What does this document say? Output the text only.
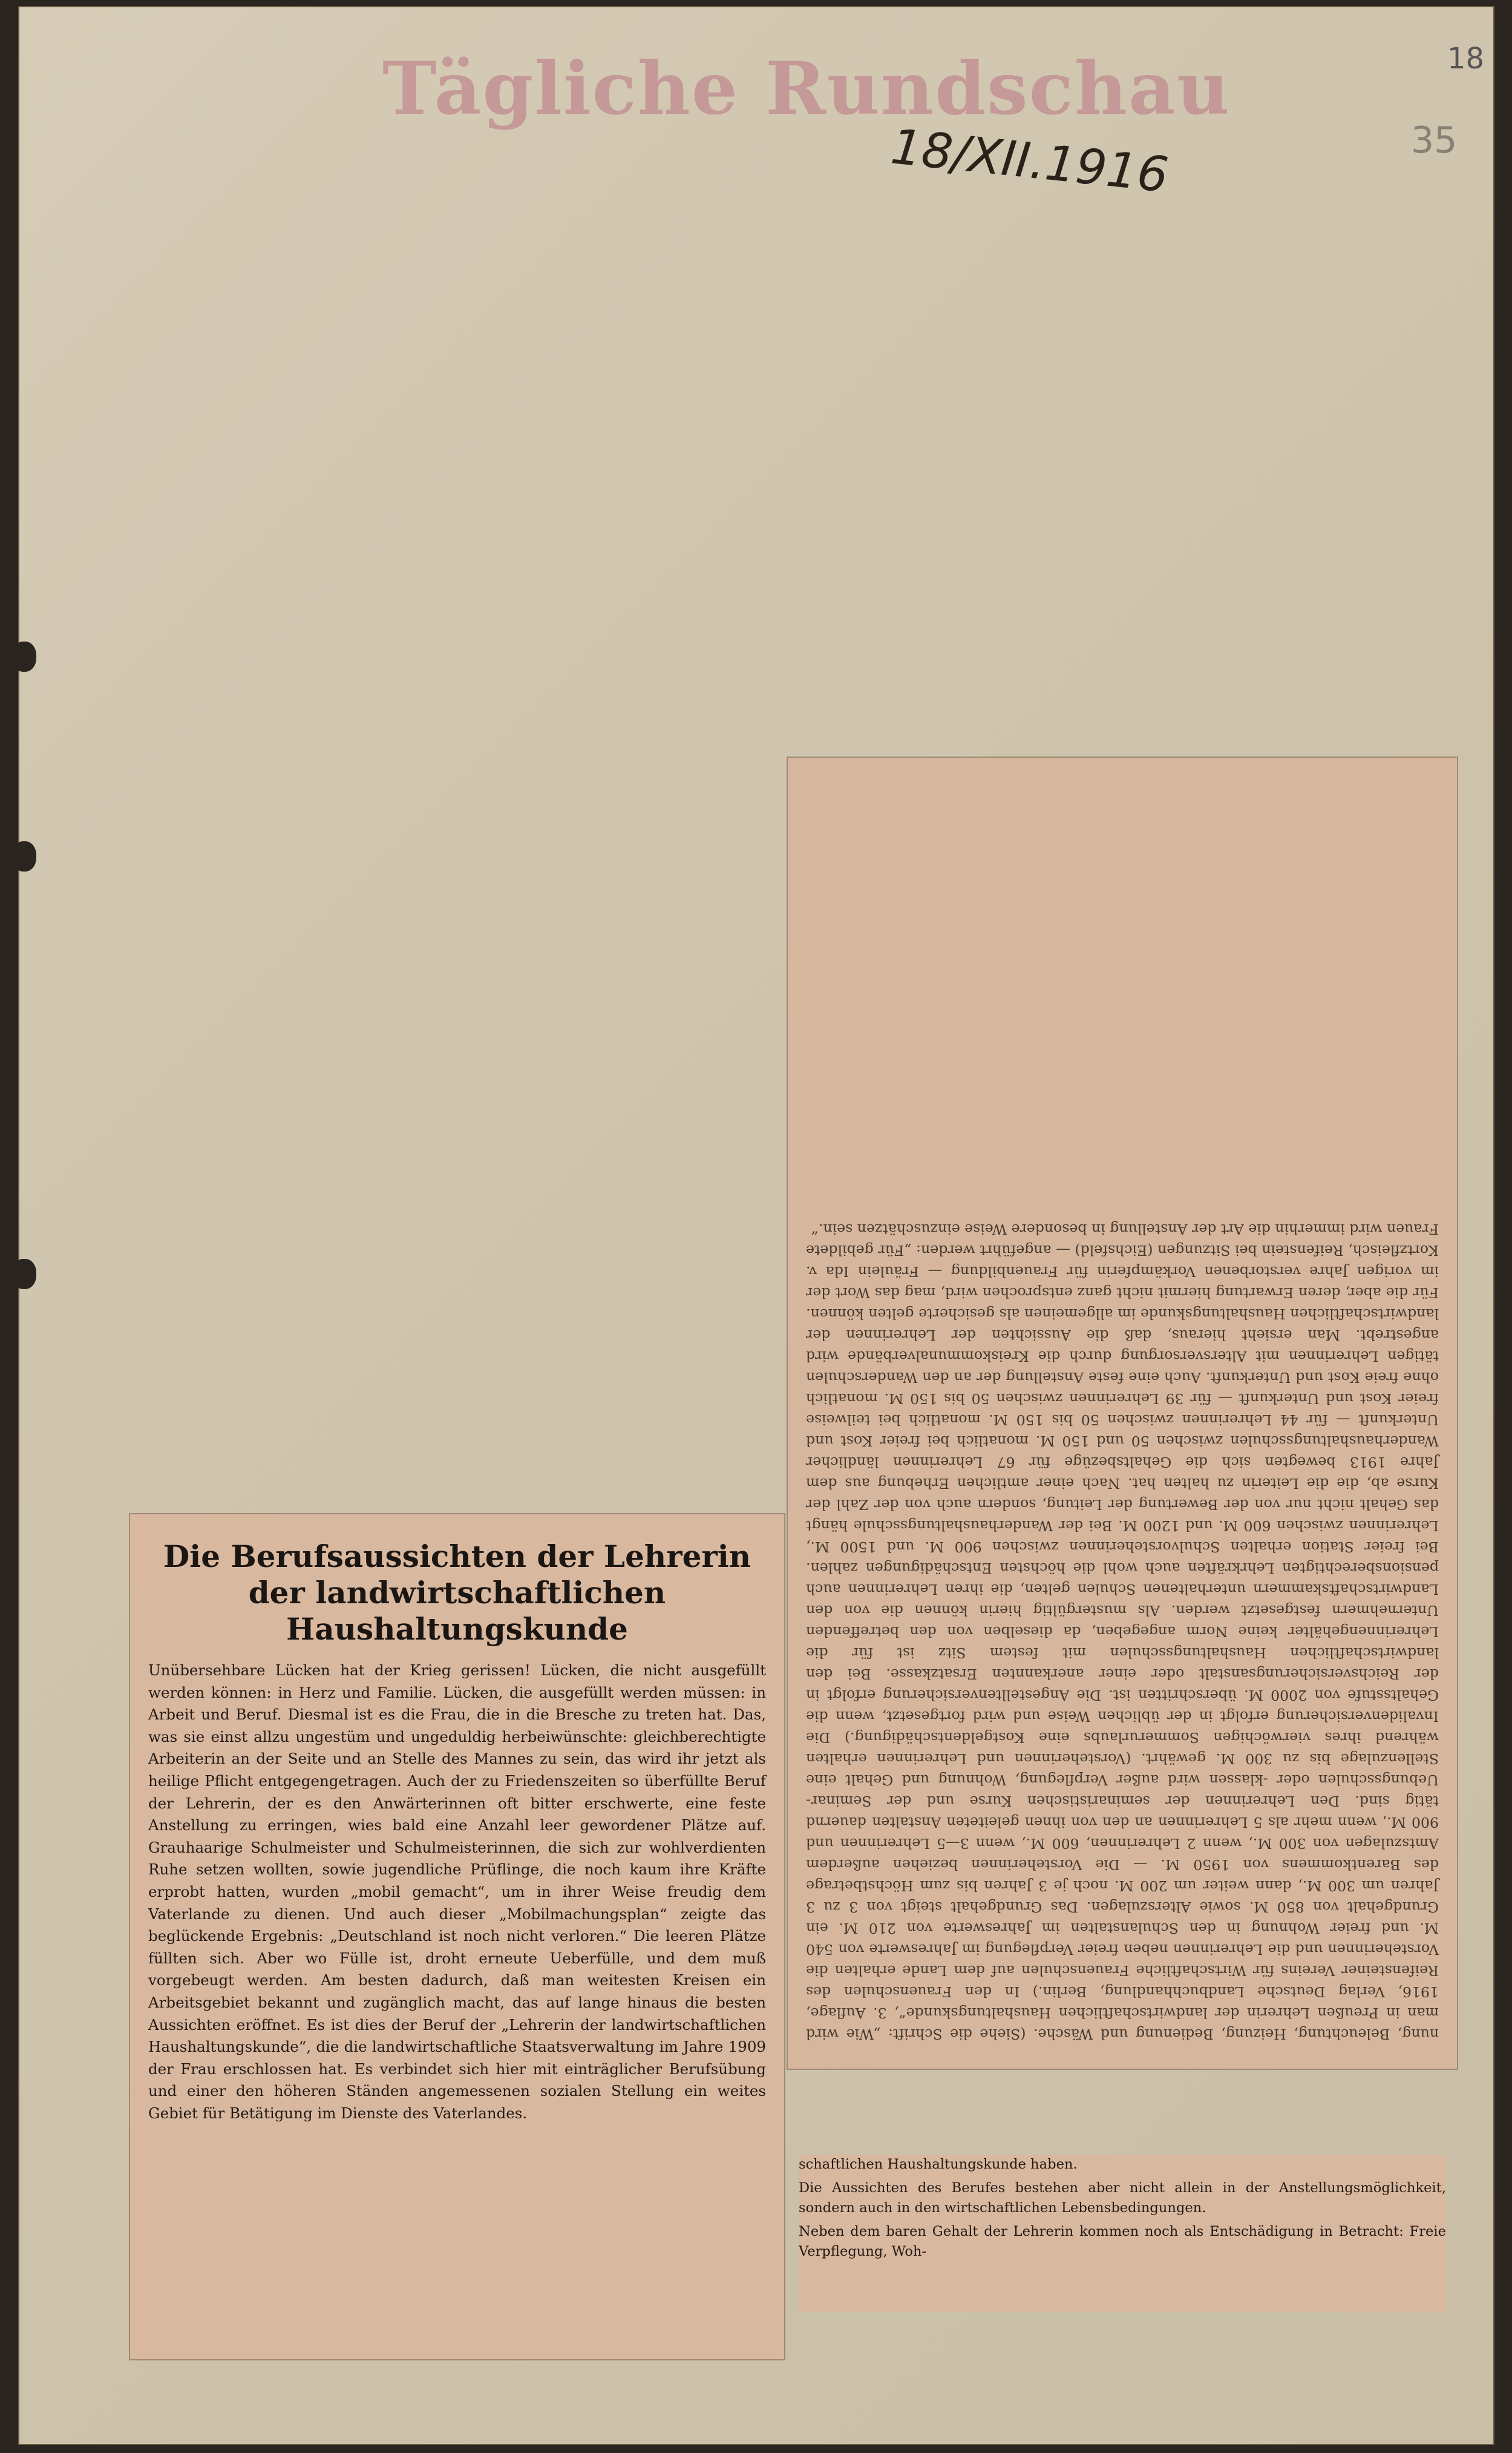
Tägliche Rundschau
18/XII.1916
18
35

nung, Beleuchtung, Heizung, Bedienung und Wäsche. (Siehe die Schrift: „Wie wird man in Preußen Lehrerin der landwirtschaftlichen Haushaltungskunde“, 3. Auflage, 1916, Verlag Deutsche Landbuchhandlung, Berlin.) In den Frauenschulen des Reifensteiner Vereins für Wirtschaftliche Frauenschulen auf dem Lande erhalten die Vorsteherinnen und die Lehrerinnen neben freier Verpflegung im Jahreswerte von 540 M. und freier Wohnung in den Schulanstalten im Jahreswerte von 210 M. ein Grundgehalt von 850 M. sowie Alterszulagen. Das Grundgehalt steigt von 3 zu 3 Jahren um 300 M., dann weiter um 200 M. noch je 3 Jahren bis zum Höchstbetrage des Barentkommens von 1950 M. — Die Vorsteherinnen beziehen außerdem Amtszulagen von 300 M., wenn 2 Lehrerinnen, 600 M., wenn 3—5 Lehrerinnen und 900 M., wenn mehr als 5 Lehrerinnen an den von ihnen geleiteten Anstalten dauernd tätig sind. Den Lehrerinnen der seminaristischen Kurse und der Seminar-Uebungsschulen oder -klassen wird außer Verpflegung, Wohnung und Gehalt eine Stellenzulage bis zu 300 M. gewährt. (Vorsteherinnen und Lehrerinnen erhalten während ihres vierwöchigen Sommerurlaubs eine Kostgeldentschädigung.) Die Invalidenversicherung erfolgt in der üblichen Weise und wird fortgesetzt, wenn die Gehaltsstufe von 2000 M. überschritten ist. Die Angestelltenversicherung erfolgt in der Reichsversicherungsanstalt oder einer anerkannten Ersatzkasse. Bei den landwirtschaftlichen Haushaltungsschulen mit festem Sitz ist für die Lehrerinnengehälter keine Norm angegeben, da dieselben von den betreffenden Unternehmern festgesetzt werden. Als mustergültig hierin können die von den Landwirtschaftskammern unterhaltenen Schulen gelten, die ihren Lehrerinnen auch pensionsberechtigten Lehrkräften auch wohl die höchsten Entschädigungen zahlen. Bei freier Station erhalten Schulvorsteherinnen zwischen 900 M. und 1500 M., Lehrerinnen zwischen 600 M. und 1200 M. Bei der Wanderhaushaltungsschule hängt das Gehalt nicht nur von der Bewertung der Leitung, sondern auch von der Zahl der Kurse ab, die die Leiterin zu halten hat. Nach einer amtlichen Erhebung aus dem Jahre 1913 bewegten sich die Gehaltsbezüge für 67 Lehrerinnen ländlicher Wanderhaushaltungsschulen zwischen 50 und 150 M. monatlich bei freier Kost und Unterkunft — für 44 Lehrerinnen zwischen 50 bis 150 M. monatlich bei teilweise freier Kost und Unterkunft — für 39 Lehrerinnen zwischen 50 bis 150 M. monatlich ohne freie Kost und Unterkunft. Auch eine feste Anstellung der an den Wanderschulen tätigen Lehrerinnen mit Altersversorgung durch die Kreiskommunalverbände wird angestrebt. Man ersieht hieraus, daß die Aussichten der Lehrerinnen der landwirtschaftlichen Haushaltungskunde im allgemeinen als gesicherte gelten können. Für die aber, deren Erwartung hiermit nicht ganz entsprochen wird, mag das Wort der im vorigen Jahre verstorbenen Vorkämpferin für Frauenbildung — Fräulein Ida v. Kortzfleisch, Reifenstein bei Sitzungen (Eichsfeld) — angeführt werden: „Für gebildete Frauen wird immerhin die Art der Anstellung in besondere Weise einzuschätzen sein.“

Die Berufsaussichten der Lehrerin der landwirtschaftlichen Haushaltungskunde

Unübersehbare Lücken hat der Krieg gerissen! Lücken, die nicht ausgefüllt werden können: in Herz und Familie. Lücken, die ausgefüllt werden müssen: in Arbeit und Beruf. Diesmal ist es die Frau, die in die Bresche zu treten hat. Das, was sie einst allzu ungestüm und ungeduldig herbeiwünschte: gleichberechtigte Arbeiterin an der Seite und an Stelle des Mannes zu sein, das wird ihr jetzt als heilige Pflicht entgegengetragen. Auch der zu Friedenszeiten so überfüllte Beruf der Lehrerin, der es den Anwärterinnen oft bitter erschwerte, eine feste Anstellung zu erringen, wies bald eine Anzahl leer gewordener Plätze auf. Grauhaarige Schulmeister und Schulmeisterinnen, die sich zur wohlverdienten Ruhe setzen wollten, sowie jugendliche Prüflinge, die noch kaum ihre Kräfte erprobt hatten, wurden „mobil gemacht“, um in ihrer Weise freudig dem Vaterlande zu dienen. Und auch dieser „Mobilmachungsplan“ zeigte das beglückende Ergebnis: „Deutschland ist noch nicht verloren.“ Die leeren Plätze füllten sich. Aber wo Fülle ist, droht erneute Ueberfülle, und dem muß vorgebeugt werden. Am besten dadurch, daß man weitesten Kreisen ein Arbeitsgebiet bekannt und zugänglich macht, das auf lange hinaus die besten Aussichten eröffnet. Es ist dies der Beruf der „Lehrerin der landwirtschaftlichen Haushaltungskunde“, die die landwirtschaftliche Staatsverwaltung im Jahre 1909 der Frau erschlossen hat. Es verbindet sich hier mit einträglicher Berufsübung und einer den höheren Ständen angemessenen sozialen Stellung ein weites Gebiet für Betätigung im Dienste des Vaterlandes.

schaftlichen Haushaltungskunde haben.

Die Aussichten des Berufes bestehen aber nicht allein in der Anstellungsmöglichkeit, sondern auch in den wirtschaftlichen Lebensbedingungen.

Neben dem baren Gehalt der Lehrerin kommen noch als Entschädigung in Betracht: Freie Verpflegung, Woh-
